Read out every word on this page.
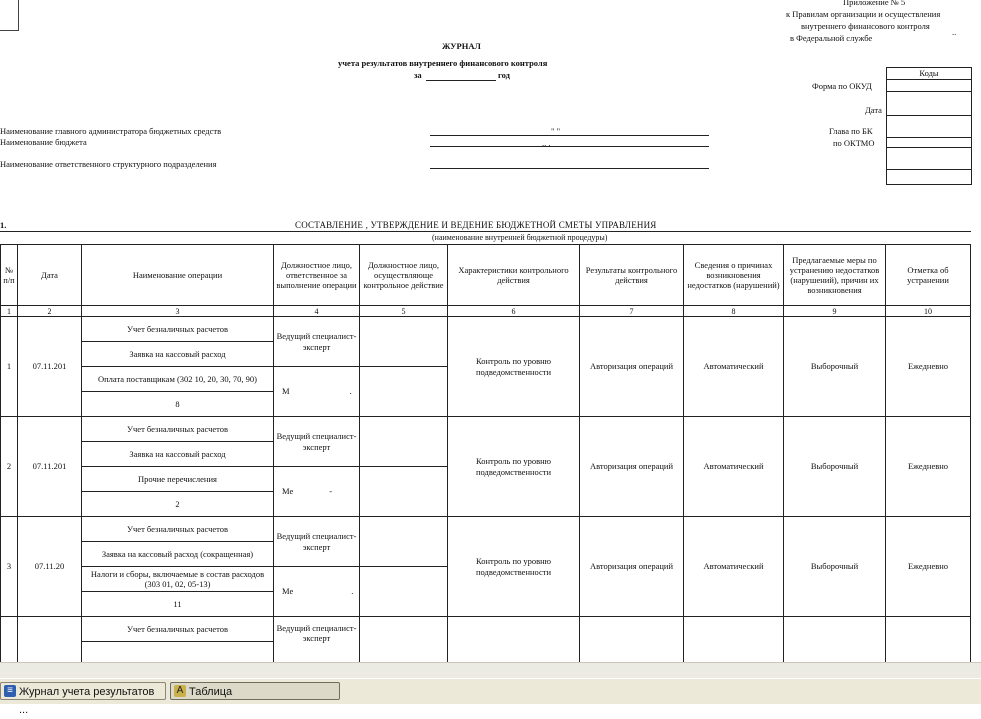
Приложение № 5
к Правилам организации и осуществления
внутреннего финансового контроля
в Федеральной службе
..
ЖУРНАЛ
учета результатов внутреннего финансового контроля
за	год	Коды
Форма по ОКУД
Дата
Глава по БК
по ОКТМО
Наименование главного администратора бюджетных средств
Наименование бюджета
Наименование ответственного структурного подразделения
" "
.. .
1.	СОСТАВЛЕНИЕ , УТВЕРЖДЕНИЕ И ВЕДЕНИЕ БЮДЖЕТНОЙ СМЕТЫ УПРАВЛЕНИЯ
(наименование внутренней бюджетной процедуры)
№ п/п	Дата	Наименование операции	Должностное лицо, ответственное за выполнение операции	Должностное лицо, осуществляюще контрольное действие	Характеристики контрольного действия	Результаты контрольного действия	Сведения о причинах возникновения недостатков (нарушений)	Предлагаемые меры по устранению недостатков (нарушений), причин их возникновения	Отметка об устранении
1	2	3	4	5	6	7	8	9	10
1	07.11.201	Учет безналичных расчетов	Ведущий специалист-эксперт		Контроль по уровню подведомственности	Авторизация операций	Автоматический	Выборочный	Ежедневно
		Заявка на кассовый расход							
		Оплата поставщикам (302 10, 20, 30, 70, 90)	М .						

		8							
2	07.11.201	Учет безналичных расчетов	Ведущий специалист-эксперт		Контроль по уровню подведомственности	Авторизация операций	Автоматический	Выборочный	Ежедневно
		Заявка на кассовый расход							
		Прочие перечисления	Ме -						

		2							
3	07.11.20	Учет безналичных расчетов	Ведущий специалист-эксперт		Контроль по уровню подведомственности	Авторизация операций	Автоматический	Выборочный	Ежедневно
		Заявка на кассовый расход (сокращенная)							
		Налоги и сборы, включаемые в состав расходов (303 01, 02, 05-13)	Ме .						

		11							
		Учет безналичных расчетов	Ведущий специалист-эксперт						

≡ Журнал учета результатов ...
A Таблица
